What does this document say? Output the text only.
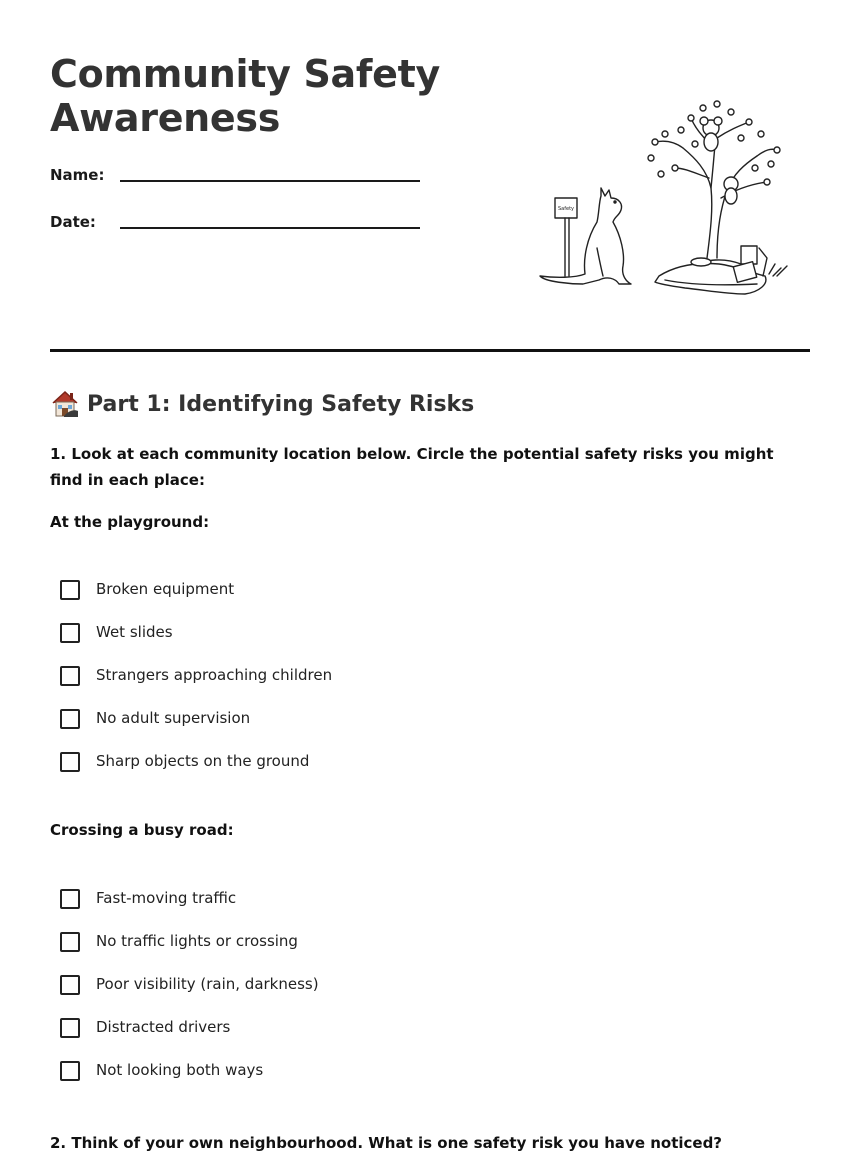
Community Safety
Awareness
Name:
Date:
Safety
Part 1: Identifying Safety Risks
1. Look at each community location below. Circle the potential safety risks you might find in each place:
At the playground:
Broken equipment
Wet slides
Strangers approaching children
No adult supervision
Sharp objects on the ground
Crossing a busy road:
Fast-moving traffic
No traffic lights or crossing
Poor visibility (rain, darkness)
Distracted drivers
Not looking both ways
2. Think of your own neighbourhood. What is one safety risk you have noticed?
